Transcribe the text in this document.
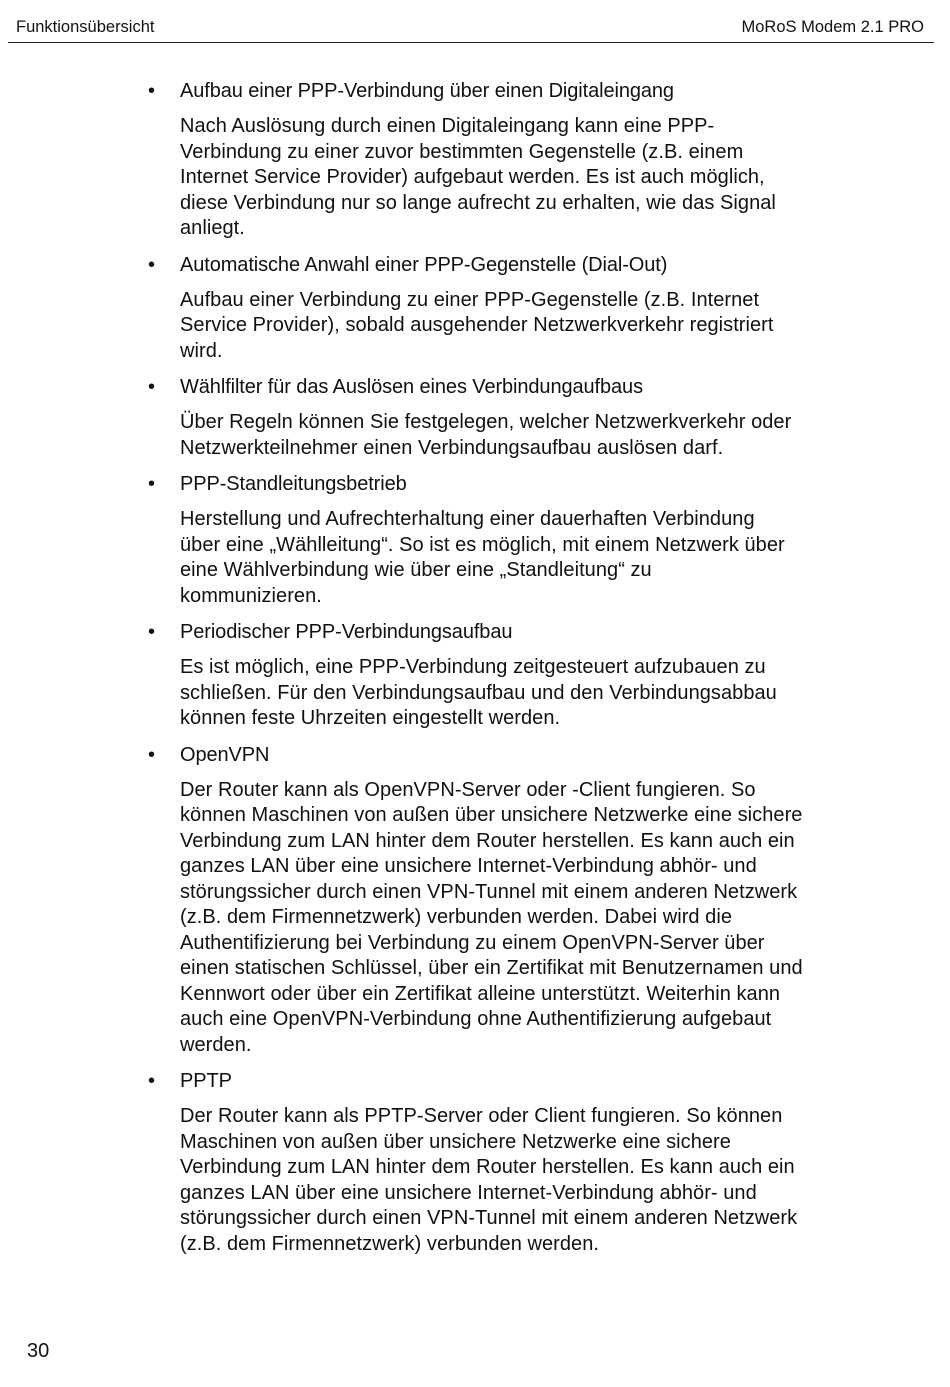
Funktionsübersicht	MoRoS Modem 2.1 PRO
• Aufbau einer PPP-Verbindung über einen Digitaleingang

Nach Auslösung durch einen Digitaleingang kann eine PPP-
Verbindung zu einer zuvor bestimmten Gegenstelle (z.B. einem
Internet Service Provider) aufgebaut werden. Es ist auch möglich,
diese Verbindung nur so lange aufrecht zu erhalten, wie das Signal
anliegt.

• Automatische Anwahl einer PPP-Gegenstelle (Dial-Out)

Aufbau einer Verbindung zu einer PPP-Gegenstelle (z.B. Internet
Service Provider), sobald ausgehender Netzwerkverkehr registriert
wird.

• Wählfilter für das Auslösen eines Verbindungaufbaus

Über Regeln können Sie festgelegen, welcher Netzwerkverkehr oder
Netzwerkteilnehmer einen Verbindungsaufbau auslösen darf.

• PPP-Standleitungsbetrieb

Herstellung und Aufrechterhaltung einer dauerhaften Verbindung
über eine „Wählleitung“. So ist es möglich, mit einem Netzwerk über
eine Wählverbindung wie über eine „Standleitung“ zu
kommunizieren.

• Periodischer PPP-Verbindungsaufbau

Es ist möglich, eine PPP-Verbindung zeitgesteuert aufzubauen zu
schließen. Für den Verbindungsaufbau und den Verbindungsabbau
können feste Uhrzeiten eingestellt werden.

• OpenVPN

Der Router kann als OpenVPN-Server oder -Client fungieren. So
können Maschinen von außen über unsichere Netzwerke eine sichere
Verbindung zum LAN hinter dem Router herstellen. Es kann auch ein
ganzes LAN über eine unsichere Internet-Verbindung abhör- und
störungssicher durch einen VPN-Tunnel mit einem anderen Netzwerk
(z.B. dem Firmennetzwerk) verbunden werden. Dabei wird die
Authentifizierung bei Verbindung zu einem OpenVPN-Server über
einen statischen Schlüssel, über ein Zertifikat mit Benutzernamen und
Kennwort oder über ein Zertifikat alleine unterstützt. Weiterhin kann
auch eine OpenVPN-Verbindung ohne Authentifizierung aufgebaut
werden.

• PPTP

Der Router kann als PPTP-Server oder Client fungieren. So können
Maschinen von außen über unsichere Netzwerke eine sichere
Verbindung zum LAN hinter dem Router herstellen. Es kann auch ein
ganzes LAN über eine unsichere Internet-Verbindung abhör- und
störungssicher durch einen VPN-Tunnel mit einem anderen Netzwerk
(z.B. dem Firmennetzwerk) verbunden werden.

30
